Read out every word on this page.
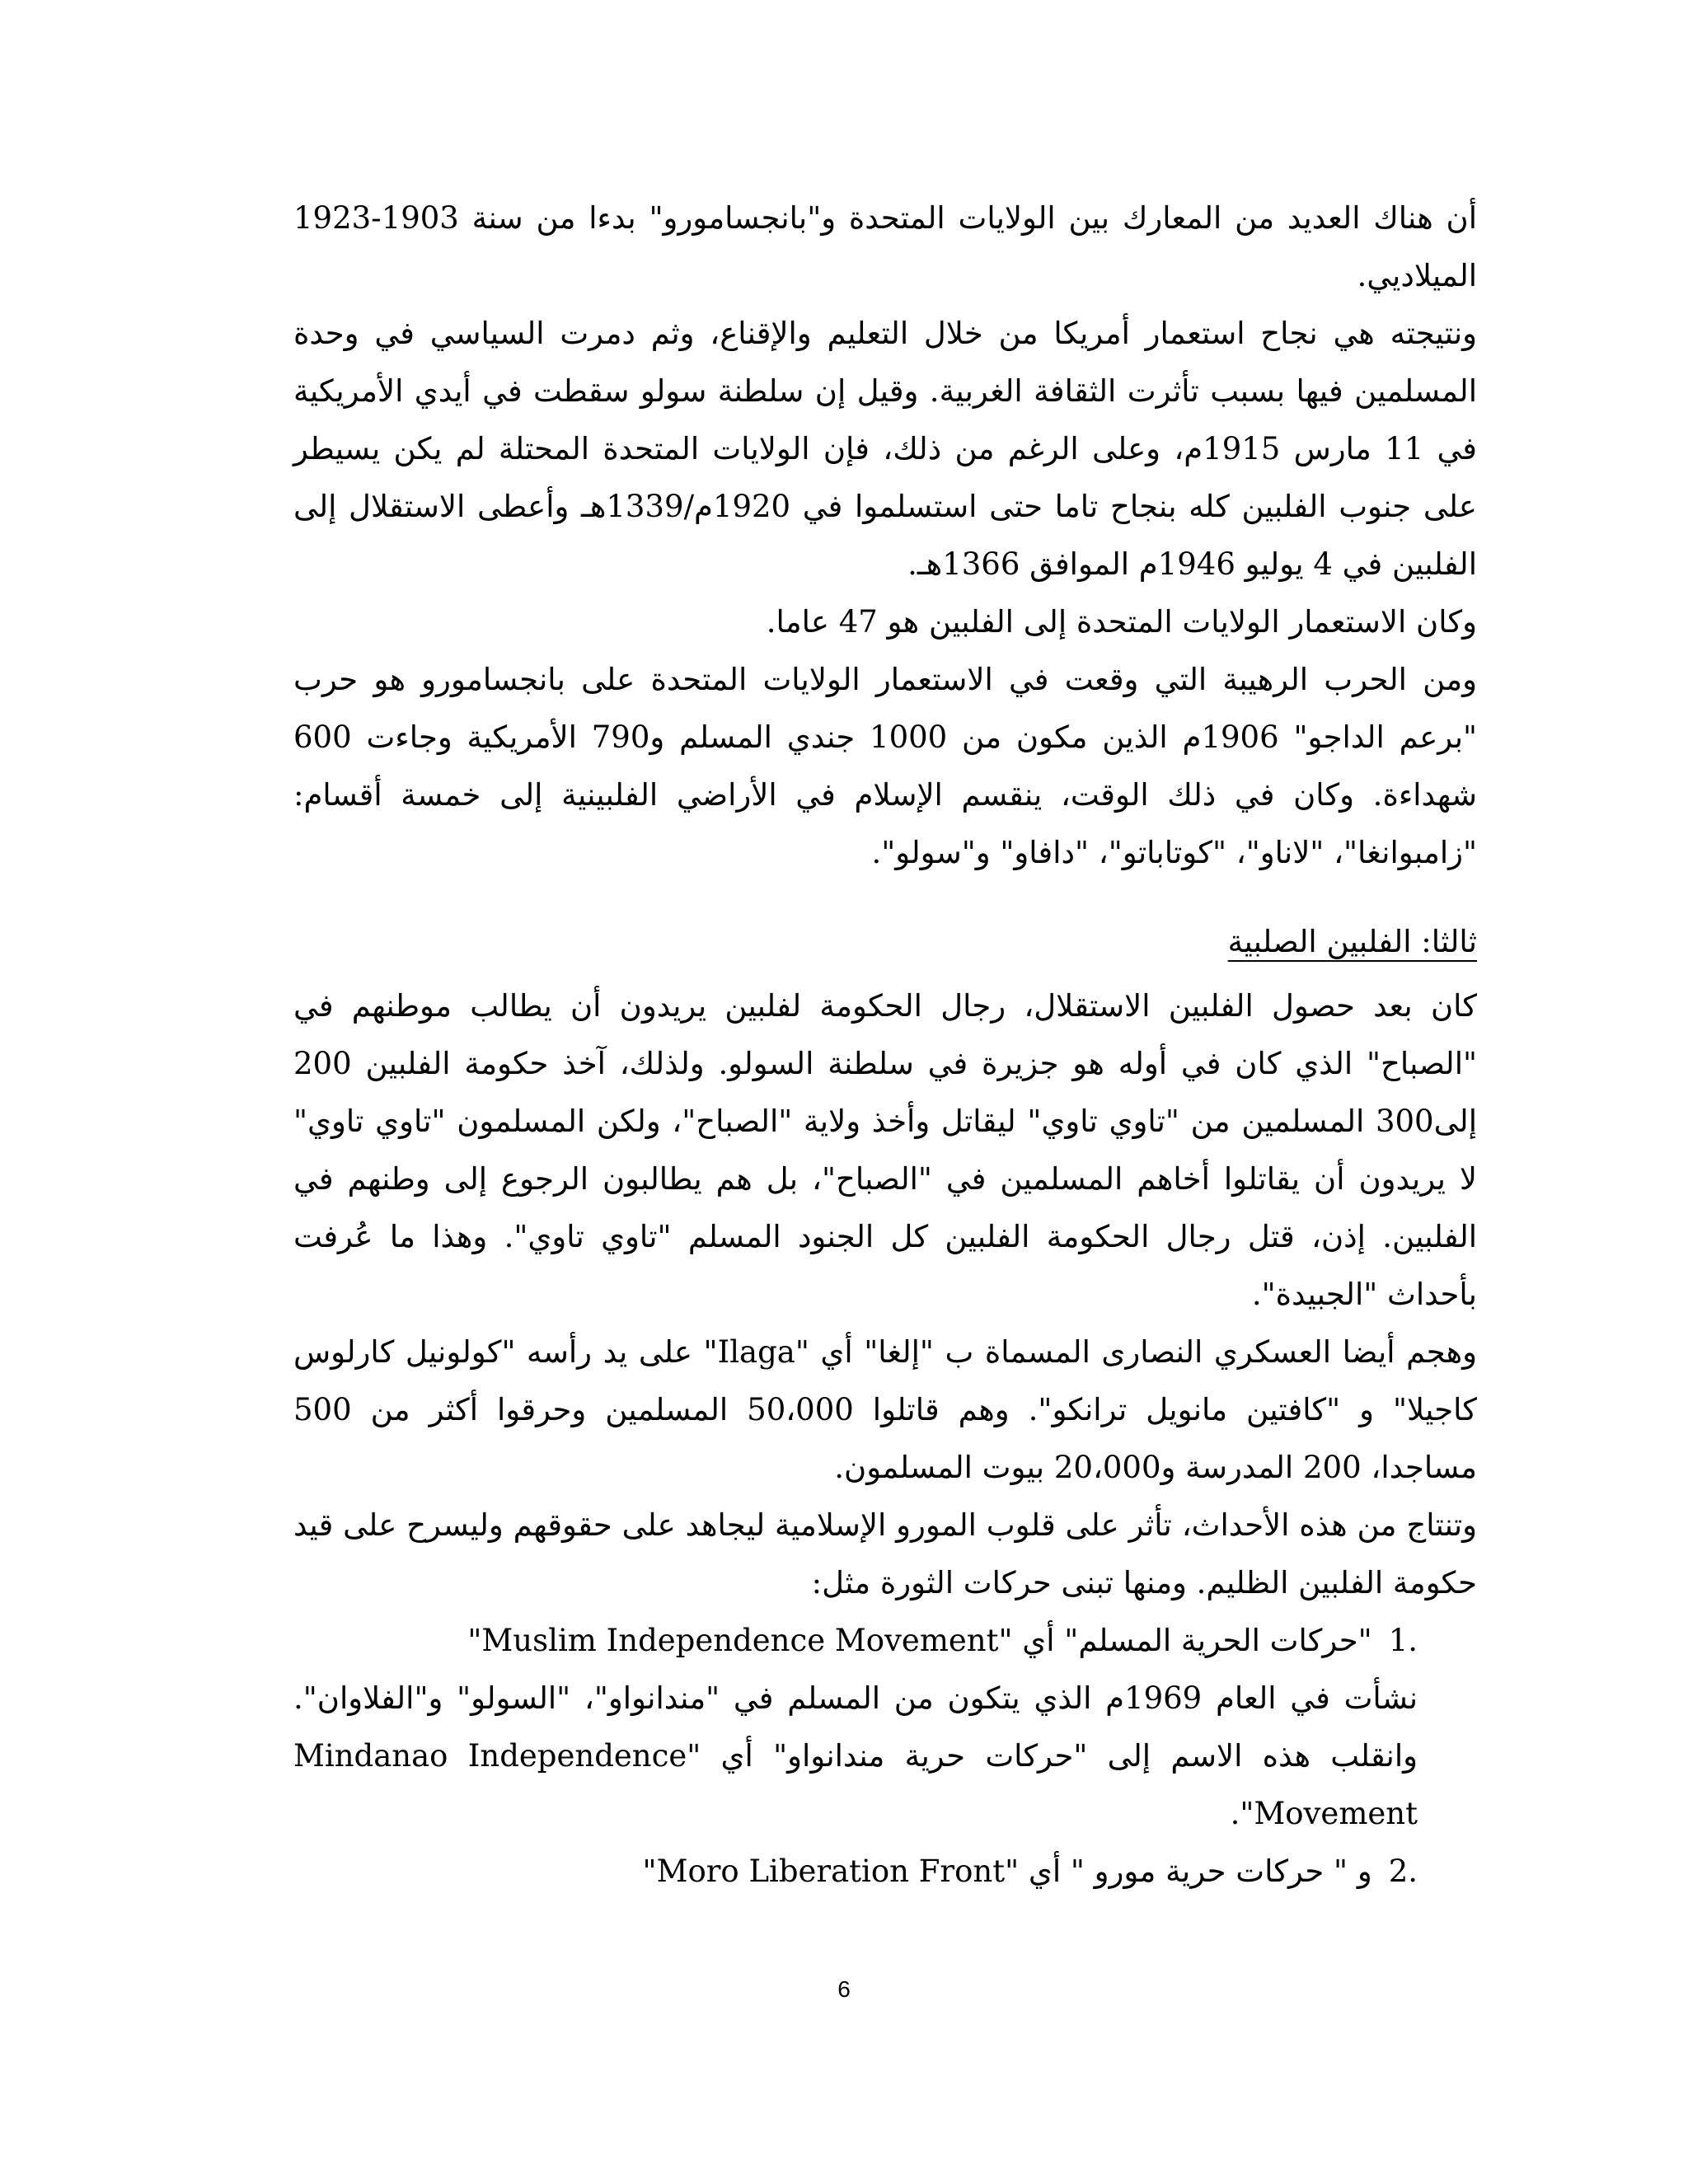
أن هناك العديد من المعارك بين الولايات المتحدة و"بانجسامورو" بدءا من سنة 1903-1923 الميلاديي.

ونتيجته هي نجاح استعمار أمريكا من خلال التعليم والإقناع، وثم دمرت السياسي في وحدة المسلمين فيها بسبب تأثرت الثقافة الغربية. وقيل إن سلطنة سولو سقطت في أيدي الأمريكية في 11 مارس 1915م، وعلى الرغم من ذلك، فإن الولايات المتحدة المحتلة لم يكن يسيطر على جنوب الفلبين كله بنجاح تاما حتى استسلموا في 1920م/1339هـ وأعطى الاستقلال إلى الفلبين في 4 يوليو 1946م الموافق 1366هـ.

وكان الاستعمار الولايات المتحدة إلى الفلبين هو 47 عاما.

ومن الحرب الرهيبة التي وقعت في الاستعمار الولايات المتحدة على بانجسامورو هو حرب "برعم الداجو" 1906م الذين مكون من 1000 جندي المسلم و790 الأمريكية وجاءت 600 شهداءة. وكان في ذلك الوقت، ينقسم الإسلام في الأراضي الفلبينية إلى خمسة أقسام: "زامبوانغا"، "لاناو"، "كوتاباتو"، "دافاو" و"سولو".

ثالثا: الفلبين الصلبية

كان بعد حصول الفلبين الاستقلال، رجال الحكومة لفلبين يريدون أن يطالب موطنهم في "الصباح" الذي كان في أوله هو جزيرة في سلطنة السولو. ولذلك، آخذ حكومة الفلبين 200 إلى300 المسلمين من "تاوي تاوي" ليقاتل وأخذ ولاية "الصباح"، ولكن المسلمون "تاوي تاوي" لا يريدون أن يقاتلوا أخاهم المسلمين في "الصباح"، بل هم يطالبون الرجوع إلى وطنهم في الفلبين. إذن، قتل رجال الحكومة الفلبين كل الجنود المسلم "تاوي تاوي". وهذا ما عُرفت بأحداث "الجبيدة".

وهجم أيضا العسكري النصارى المسماة ب "إلغا" أي "Ilaga" على يد رأسه "كولونيل كارلوس كاجيلا" و "كافتين مانويل ترانكو". وهم قاتلوا 50،000 المسلمين وحرقوا أكثر من 500 مساجدا، 200 المدرسة و20،000 بيوت المسلمون.

وتنتاج من هذه الأحداث، تأثر على قلوب المورو الإسلامية ليجاهد على حقوقهم وليسرح على قيد حكومة الفلبين الظليم. ومنها تبنى حركات الثورة مثل:

1."حركات الحرية المسلم" أي "Muslim Independence Movement"

نشأت في العام 1969م الذي يتكون من المسلم في "مندانواو"، "السولو" و"الفلاوان". وانقلب هذه الاسم إلى "حركات حرية مندانواو" أي "Mindanao Independence Movement".

2.و " حركات حرية مورو " أي "Moro Liberation Front"
6
